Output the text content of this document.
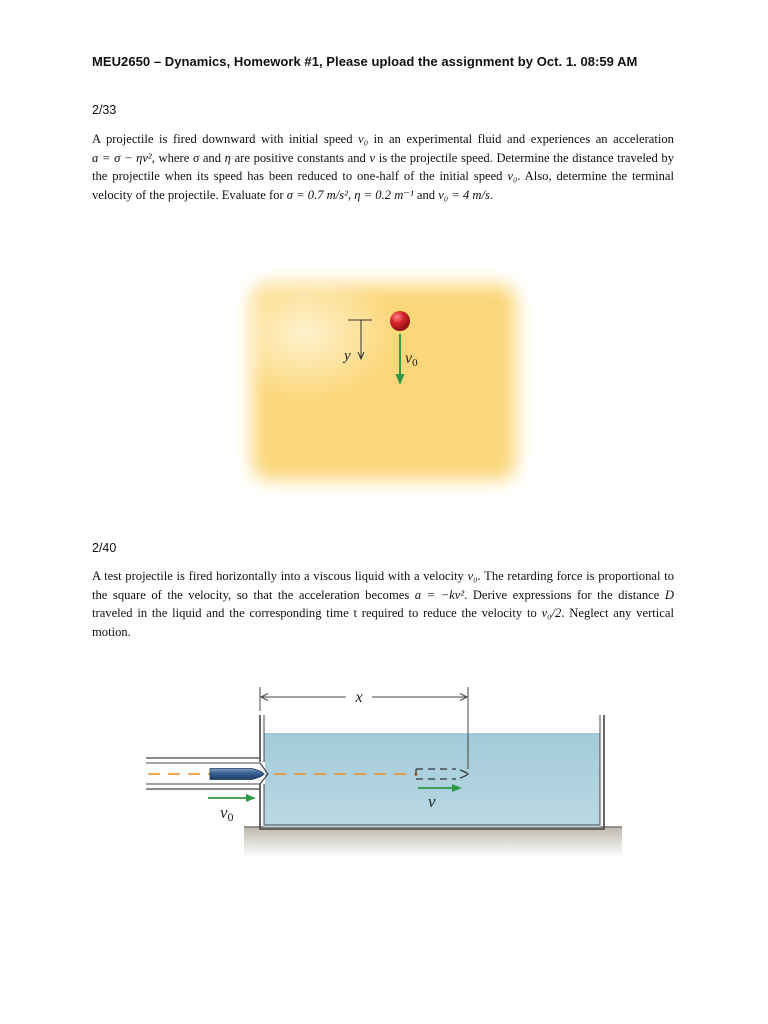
MEU2650 – Dynamics, Homework #1, Please upload the assignment by Oct. 1. 08:59 AM
2/33
A projectile is fired downward with initial speed v₀ in an experimental fluid and experiences an acceleration a = σ − ηv², where σ and η are positive constants and v is the projectile speed. Determine the distance traveled by the projectile when its speed has been reduced to one-half of the initial speed v₀. Also, determine the terminal velocity of the projectile. Evaluate for σ = 0.7 m/s², η = 0.2 m⁻¹ and v₀ = 4 m/s.
y	v0
2/40
A test projectile is fired horizontally into a viscous liquid with a velocity v₀. The retarding force is proportional to the square of the velocity, so that the acceleration becomes a = −kv². Derive expressions for the distance D traveled in the liquid and the corresponding time t required to reduce the velocity to v₀/2. Neglect any vertical motion.
x
v0
v
